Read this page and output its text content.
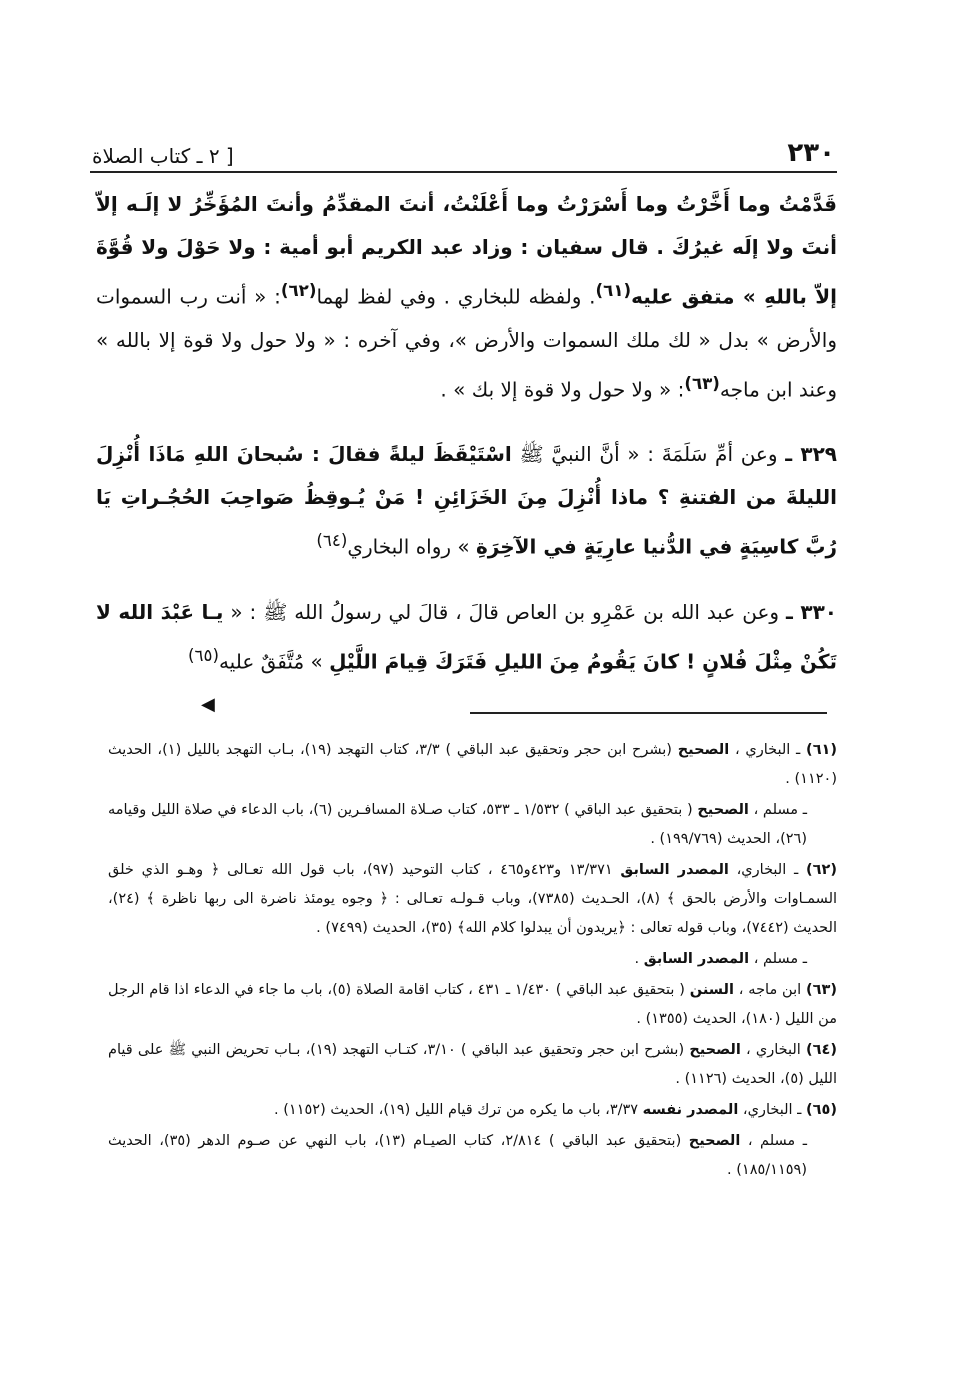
٢٣٠
[ ٢ ـ كتاب الصلاة

قَدَّمْتُ وما أَخَّرْتُ وما أَسْرَرْتُ وما أَعْلَنْتُ، أنتَ المقدِّمُ وأنتَ المُؤَخِّرُ لا إلَـه إلاّ أنتَ ولا إلَه غيرُكَ . قال سفيان : وزاد عبد الكريم أبو أمية : ولا حَوْلَ ولا قُوَّةَ إلاّ باللهِ » متفق عليه$^{(٦١)}$. ولفظه للبخاري . وفي لفظ لهما$^{(٦٢)}$: « أنت رب السموات والأرض » بدل « لك ملك السموات والأرض »، وفي آخره : « ولا حول ولا قوة إلا بالله » وعند ابن ماجه$^{(٦٣)}$: « ولا حول ولا قوة إلا بك » .

٣٢٩ ـ وعن أمِّ سَلَمَةَ : « أنَّ النبيَّ ﷺ اسْتَيْقَظَ ليلةً فقالَ : سُبحانَ اللهِ مَاذَا أُنْزِلَ الليلةَ من الفتنةِ ؟ ماذا أُنْزِلَ مِنَ الخَزَائِنِ ! مَنْ يُـوقِظُ صَواحِبَ الحُجُـراتِ يَا رُبَّ كاسِيَةٍ في الدُّنيا عارِيَةٍ في الآخِرَةِ » رواه البخاري$^{(٦٤)}$

٣٣٠ ـ وعن عبد الله بن عَمْرِو بن العاص قالَ ، قالَ لي رسولُ الله ﷺ : « يـا عَبْدَ الله لا تَكُنْ مِثْلَ فُلانٍ ! كانَ يَقُومُ مِنَ الليلِ فَتَرَكَ قِيامَ اللَّيْلِ » مُتَّفَقٌ عليه$^{(٦٥)}$

◀

(٦١) ـ البخاري ، الصحيح (بشرح ابن حجر وتحقيق عبد الباقي ) ٣/٣، كتاب التهجد (١٩)، بـاب التهجد بالليل (١)، الحديث (١١٢٠) .

ـ مسلم ، الصحيح ( بتحقيق عبد الباقي ) ١/٥٣٢ ـ ٥٣٣، كتاب صـلاة المسافـرين (٦)، باب الدعاء في صلاة الليل وقيامه (٢٦)، الحديث (١٩٩/٧٦٩) .

(٦٢) ـ البخاري، المصدر السابق ١٣/٣٧١ و٤٢٣و٤٦٥ ، كتاب التوحيد (٩٧)، باب قول الله تعـالى ﴿ وهـو الذي خلق السمـاوات والأرض بالحق ﴾ (٨)، الحـديث (٧٣٨٥)، وباب قـولـه تعـالى : ﴿ وجوه يومئذ ناضرة الى ربها ناظرة ﴾ (٢٤)، الحديث (٧٤٤٢)، وباب قوله تعالى : ﴿يريدون أن يبدلوا كلام الله﴾ (٣٥)، الحديث (٧٤٩٩) .

ـ مسلم ، المصدر السابق .

(٦٣) ابن ماجه ، السنن ( بتحقيق عبد الباقي ) ١/٤٣٠ ـ ٤٣١ ، كتاب اقامة الصلاة (٥)، باب ما جاء في الدعاء اذا قام الرجل من الليل (١٨٠)، الحديث (١٣٥٥) .

(٦٤) البخاري ، الصحيح (بشرح ابن حجر وتحقيق عبد الباقي ) ٣/١٠، كتـاب التهجد (١٩)، بـاب تحريض النبي ﷺ على قيام الليل (٥)، الحديث (١١٢٦) .

(٦٥) ـ البخاري، المصدر نفسه ٣/٣٧، باب ما يكره من ترك قيام الليل (١٩)، الحديث (١١٥٢) .

ـ مسلم ، الصحيح (بتحقيق عبد الباقي ) ٢/٨١٤، كتاب الصيـام (١٣)، باب النهي عن صـوم الدهر (٣٥)، الحديث (١٨٥/١١٥٩) .
